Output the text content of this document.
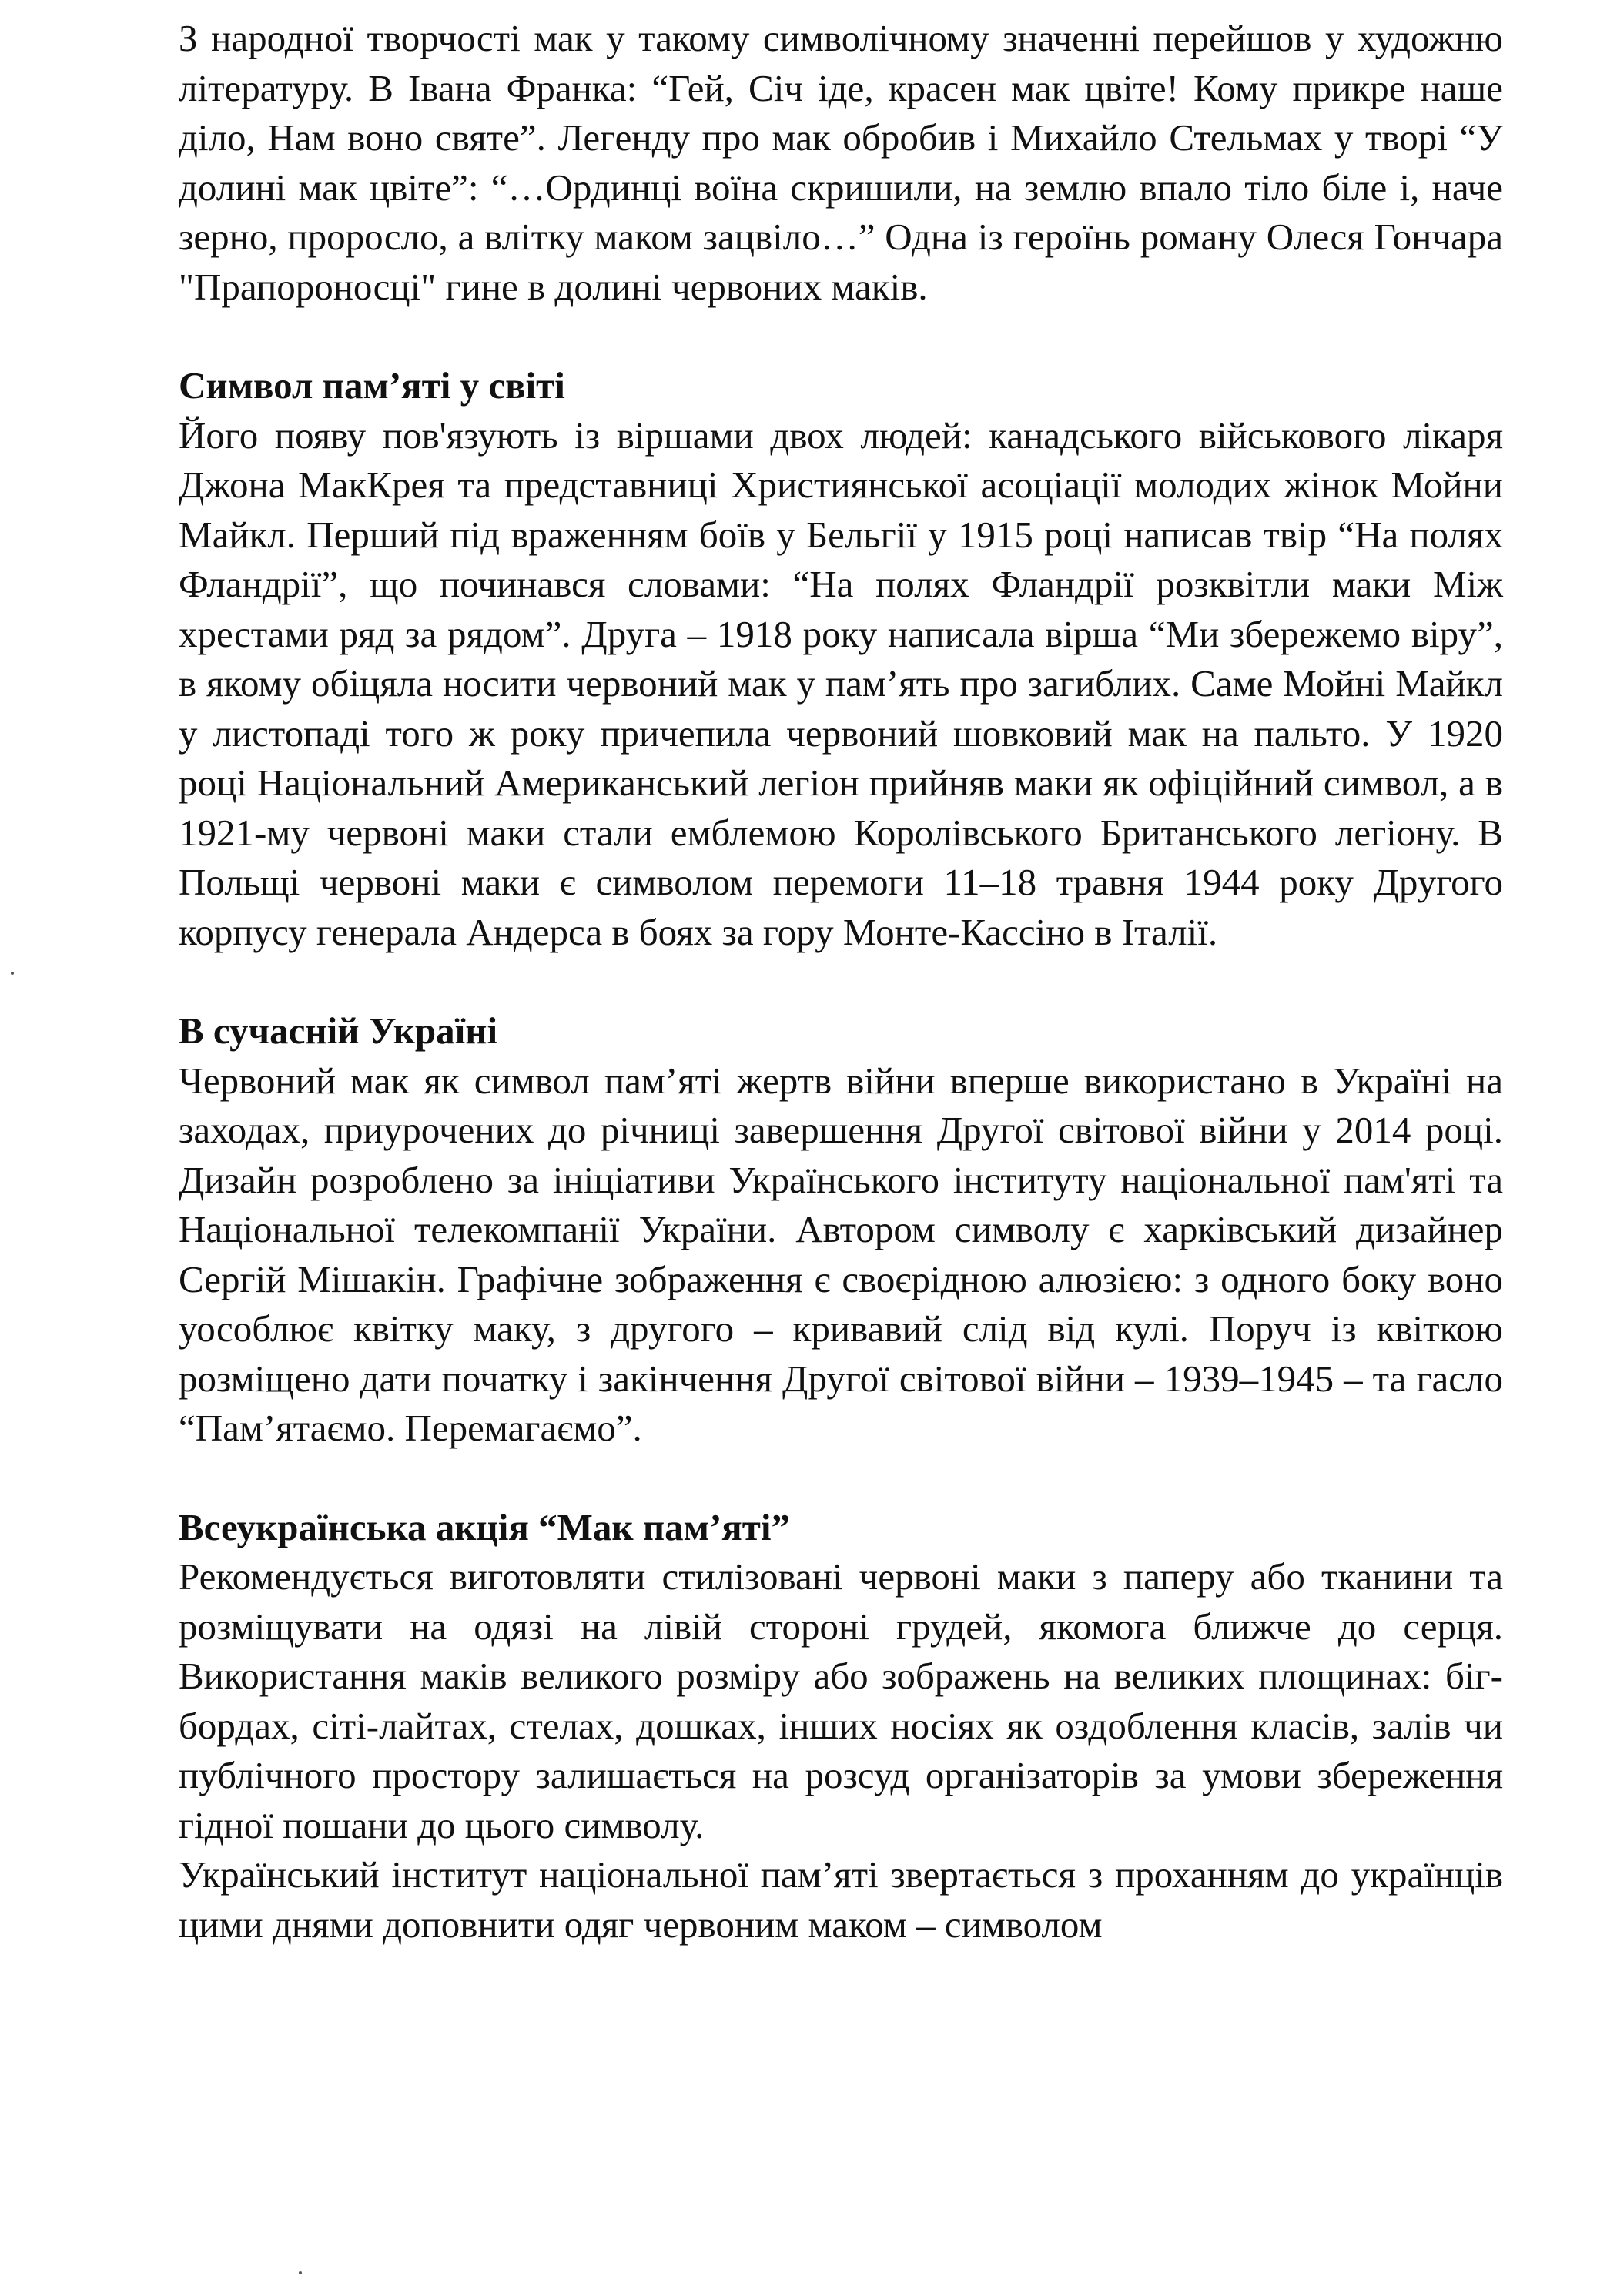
З народної творчості мак у такому символічному значенні перейшов у художню літературу. В Івана Франка: “Гей, Січ іде, красен мак цвіте! Кому прикре наше діло, Нам воно святе”. Легенду про мак обробив і Михайло Стельмах у творі “У долині мак цвіте”: “…Ординці воїна скришили, на землю впало тіло біле і, наче зерно, проросло, а влітку маком зацвіло…” Одна із героїнь роману Олеся Гончара "Прапороносці" гине в долині червоних маків.

Символ пам’яті у світі

Його появу пов'язують із віршами двох людей: канадського військового лікаря Джона МакКрея та представниці Християнської асоціації молодих жінок Мойни Майкл. Перший під враженням боїв у Бельгії у 1915 році написав твір “На полях Фландрії”, що починався словами: “На полях Фландрії розквітли маки Між хрестами ряд за рядом”. Друга – 1918 року написала вірша “Ми збережемо віру”, в якому обіцяла носити червоний мак у пам’ять про загиблих. Саме Мойні Майкл у листопаді того ж року причепила червоний шовковий мак на пальто. У 1920 році Національний Американський легіон прийняв маки як офіційний символ, а в 1921-му червоні маки стали емблемою Королівського Британського легіону. В Польщі червоні маки є символом перемоги 11–18 травня 1944 року Другого корпусу генерала Андерса в боях за гору Монте-Кассіно в Італії.

В сучасній Україні

Червоний мак як символ пам’яті жертв війни вперше використано в Україні на заходах, приурочених до річниці завершення Другої світової війни у 2014 році. Дизайн розроблено за ініціативи Українського інституту національної пам'яті та Національної телекомпанії України. Автором символу є харківський дизайнер Сергій Мішакін. Графічне зображення є своєрідною алюзією: з одного боку воно уособлює квітку маку, з другого – кривавий слід від кулі. Поруч із квіткою розміщено дати початку і закінчення Другої світової війни – 1939–1945 – та гасло “Пам’ятаємо. Перемагаємо”.

Всеукраїнська акція “Мак пам’яті”

Рекомендується виготовляти стилізовані червоні маки з паперу або тканини та розміщувати на одязі на лівій стороні грудей, якомога ближче до серця. Використання маків великого розміру або зображень на великих площинах: біг-бордах, сіті-лайтах, стелах, дошках, інших носіях як оздоблення класів, залів чи публічного простору залишається на розсуд організаторів за умови збереження гідної пошани до цього символу.

Український інститут національної пам’яті звертається з проханням до українців цими днями доповнити одяг червоним маком – символом
